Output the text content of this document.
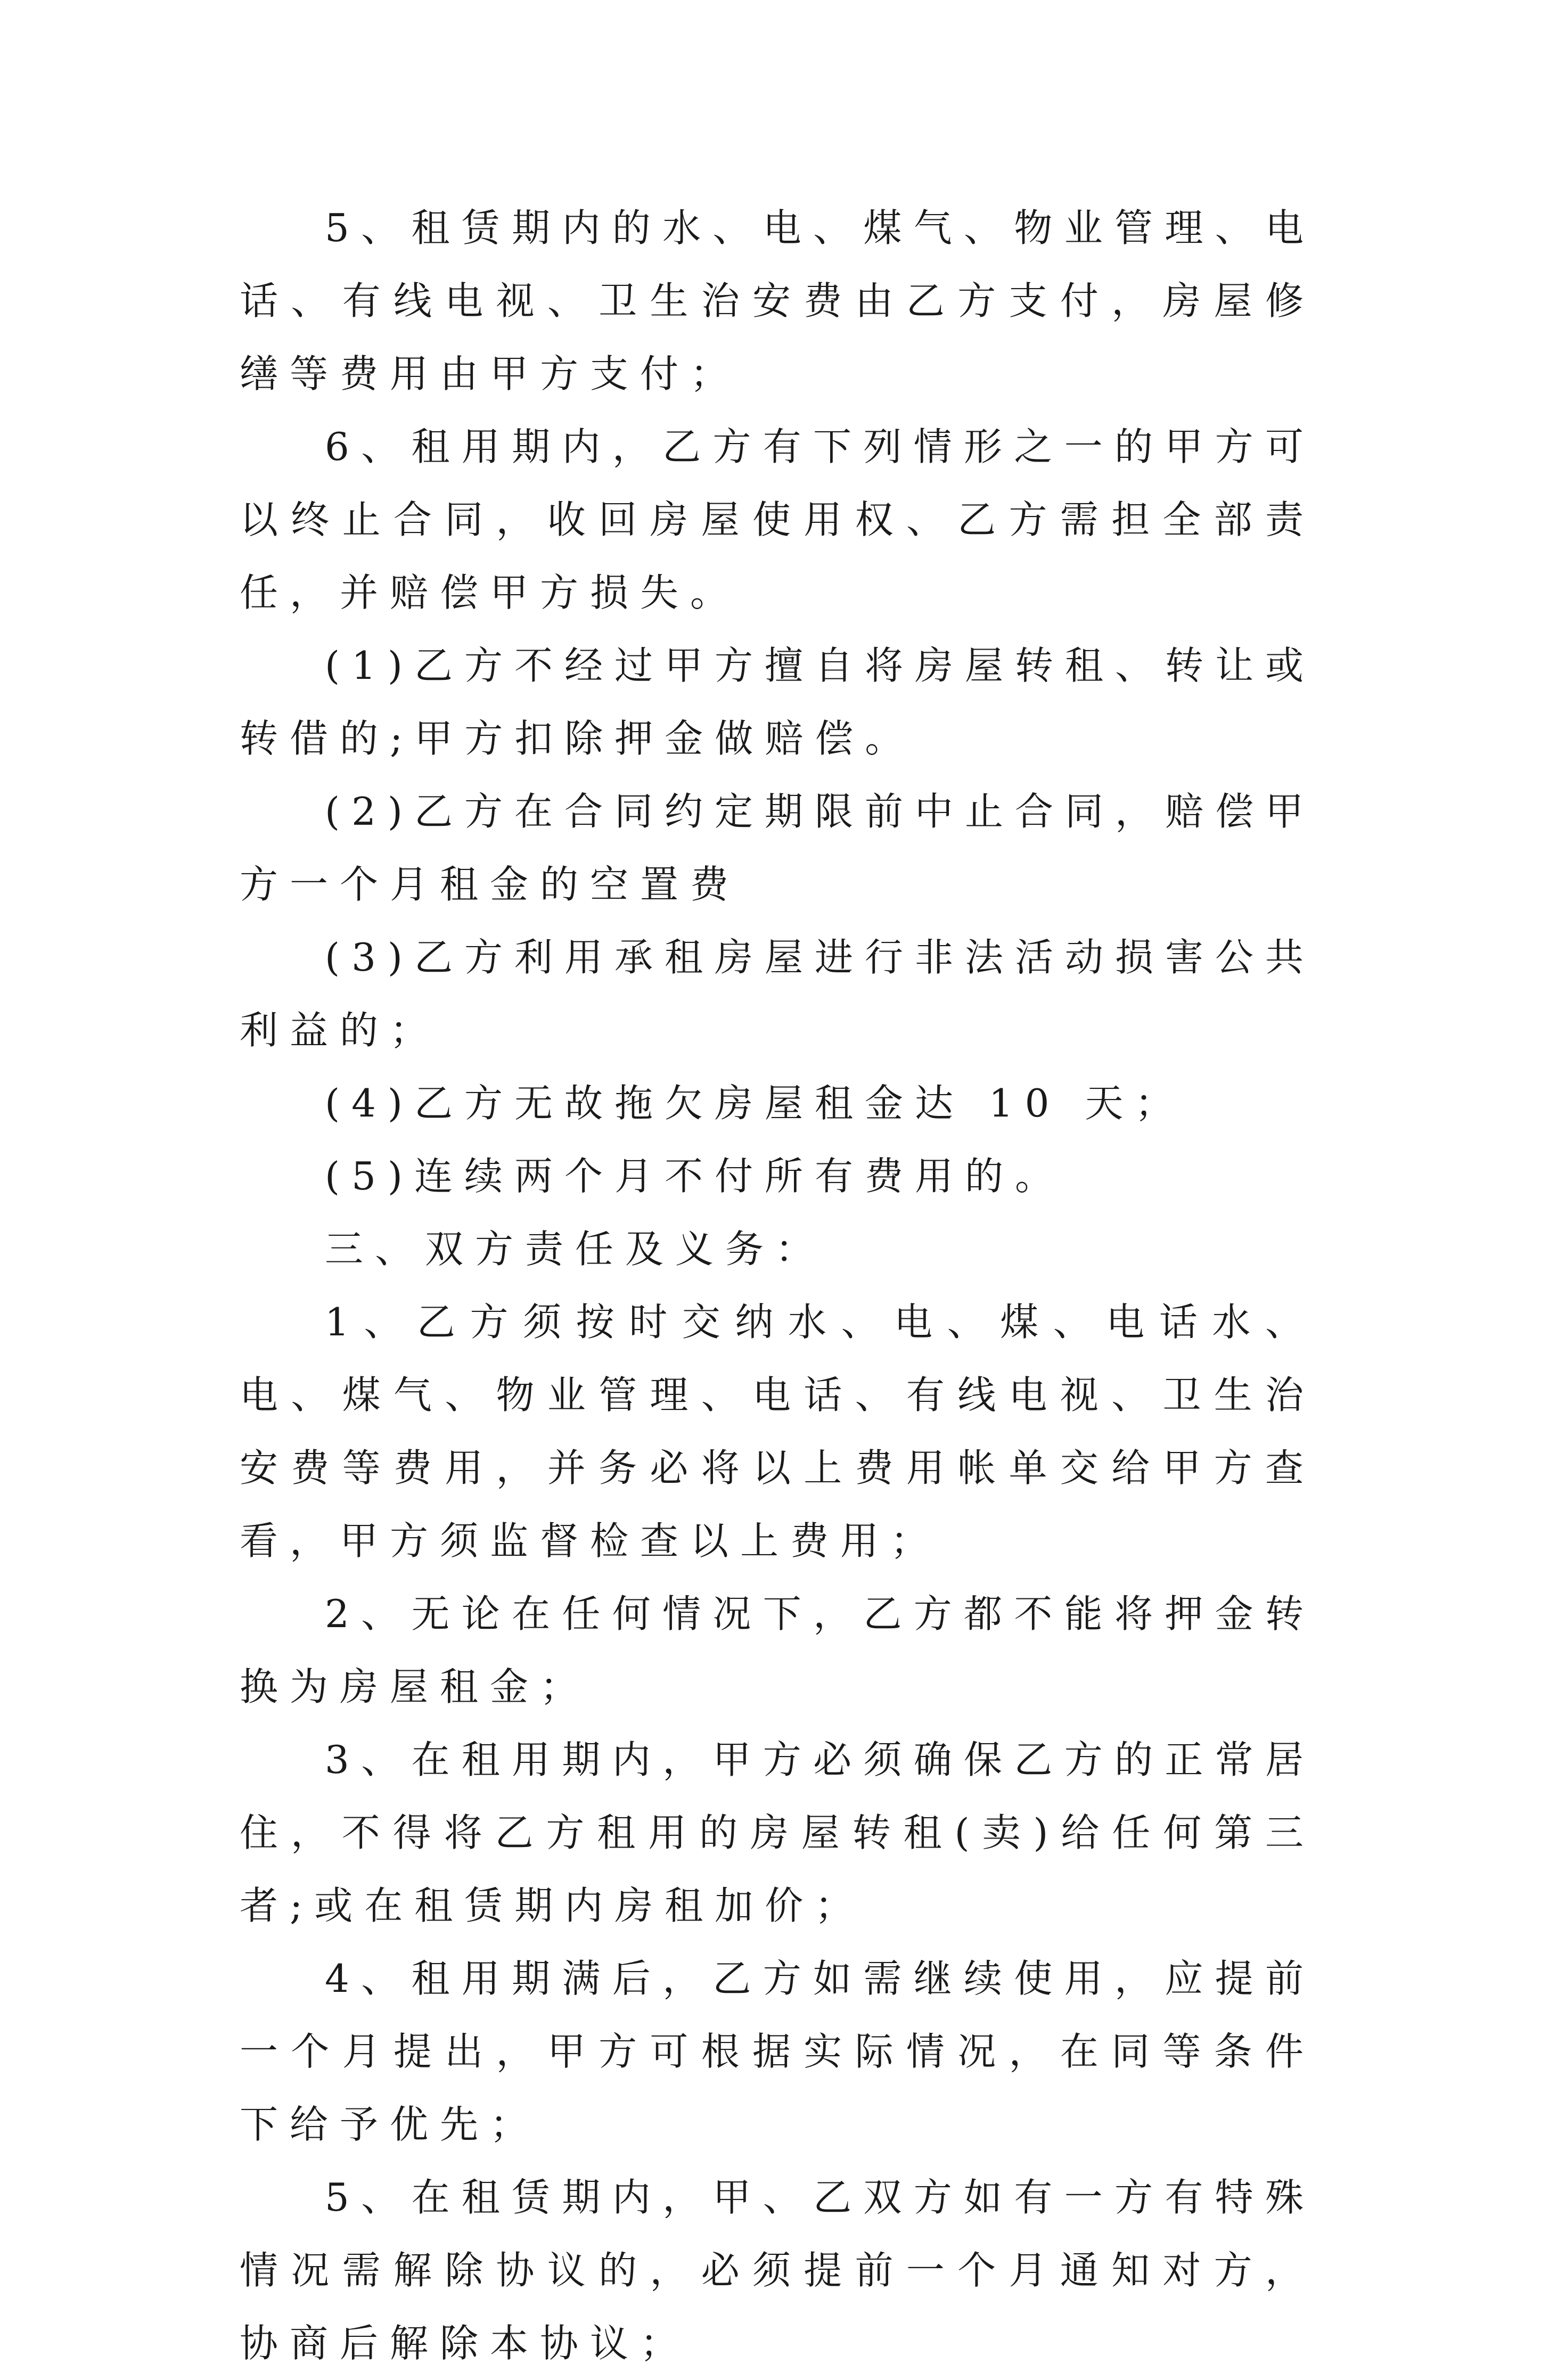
5、租赁期内的水、电、煤气、物业管理、电话、有线电视、卫生治安费由乙方支付，房屋修缮等费用由甲方支付；

6、租用期内，乙方有下列情形之一的甲方可以终止合同，收回房屋使用权、乙方需担全部责任，并赔偿甲方损失。

(1)乙方不经过甲方擅自将房屋转租、转让或转借的;甲方扣除押金做赔偿。

(2)乙方在合同约定期限前中止合同，赔偿甲方一个月租金的空置费

(3)乙方利用承租房屋进行非法活动损害公共利益的；

(4)乙方无故拖欠房屋租金达 10 天；

(5)连续两个月不付所有费用的。

三、双方责任及义务：

1、乙方须按时交纳水、电、煤、电话水、电、煤气、物业管理、电话、有线电视、卫生治安费等费用，并务必将以上费用帐单交给甲方查看，甲方须监督检查以上费用；

2、无论在任何情况下，乙方都不能将押金转换为房屋租金；

3、在租用期内，甲方必须确保乙方的正常居住，不得将乙方租用的房屋转租(卖)给任何第三者;或在租赁期内房租加价；

4、租用期满后，乙方如需继续使用，应提前一个月提出，甲方可根据实际情况，在同等条件下给予优先；

5、在租赁期内，甲、乙双方如有一方有特殊情况需解除协议的，必须提前一个月通知对方，协商后解除本协议；
